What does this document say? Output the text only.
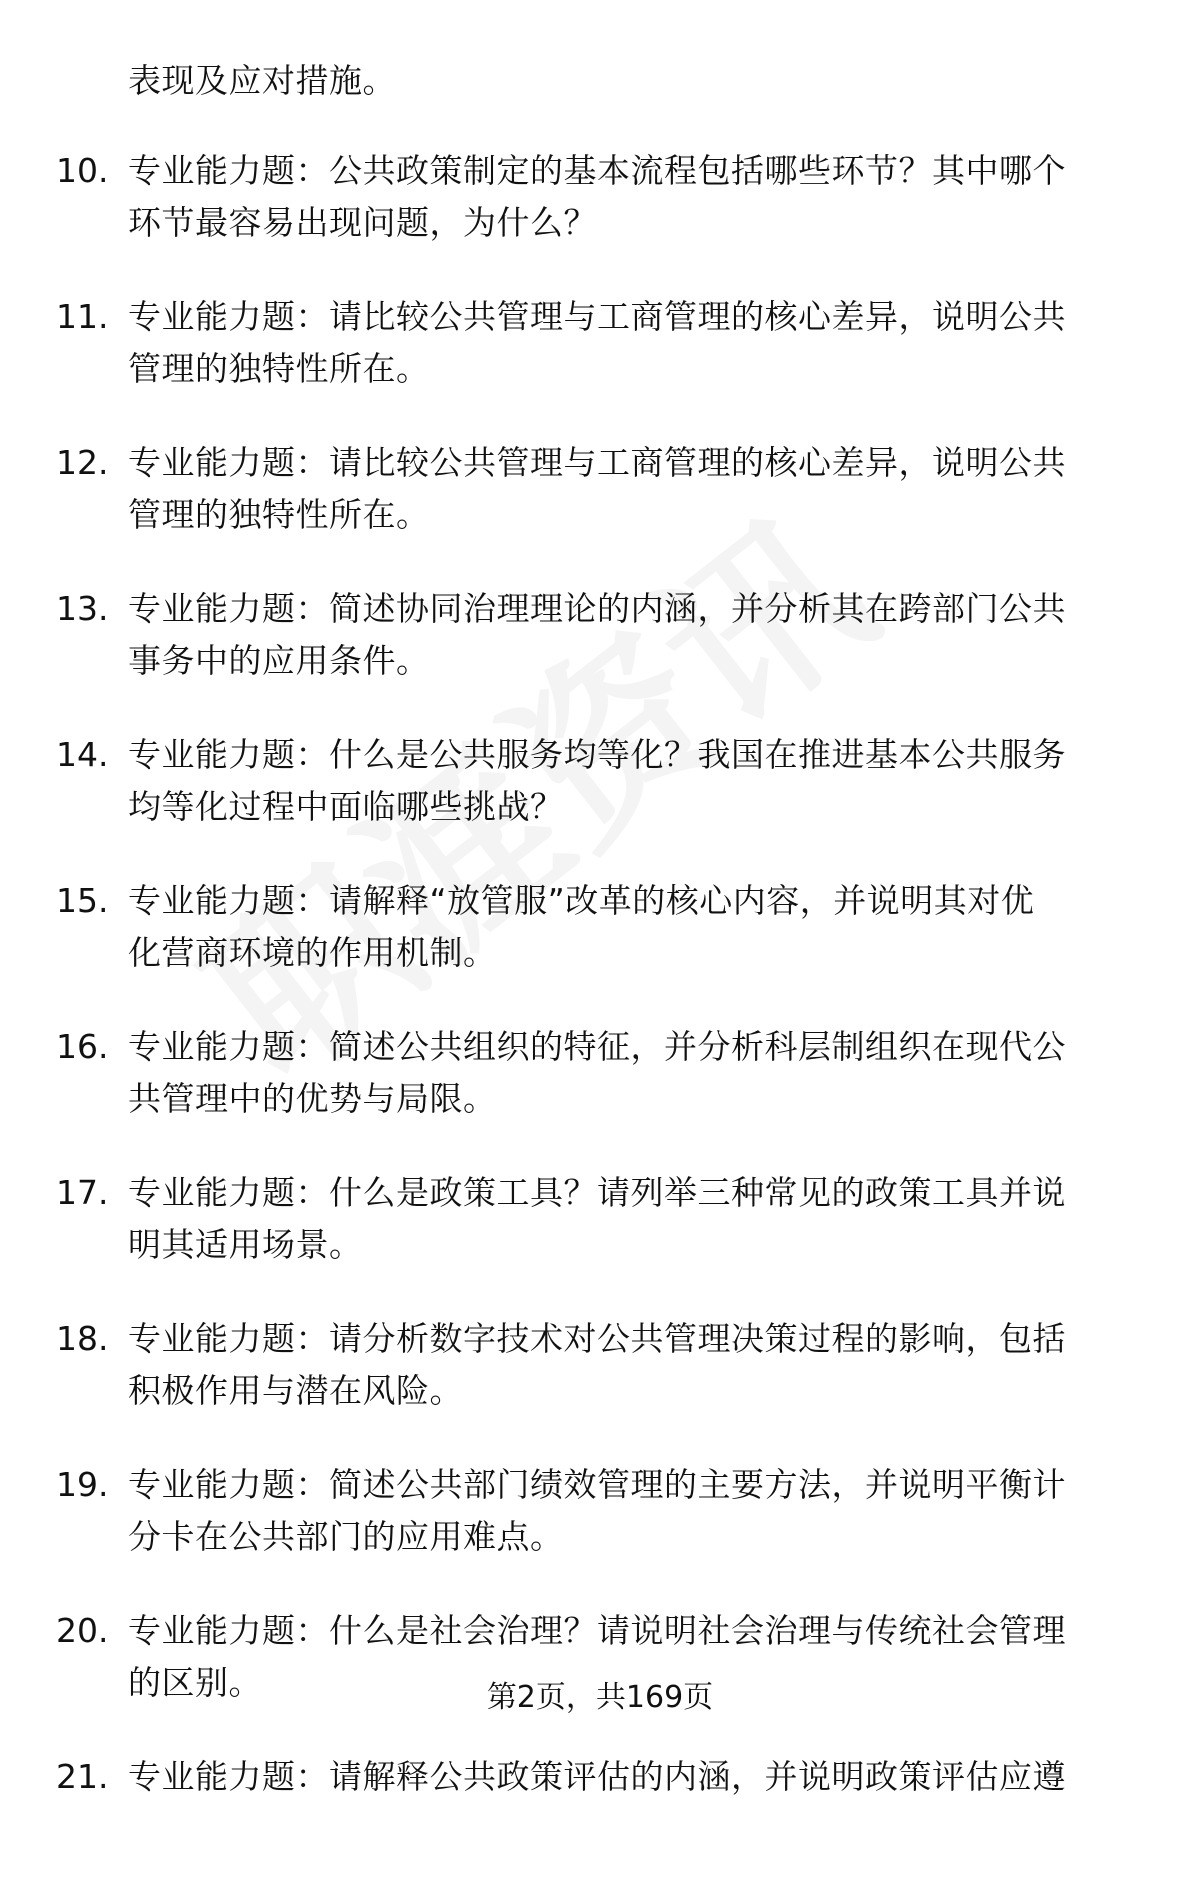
表现及应对措施。
10. 专业能力题：公共政策制定的基本流程包括哪些环节？其中哪个
环节最容易出现问题，为什么？
11. 专业能力题：请比较公共管理与工商管理的核心差异，说明公共
管理的独特性所在。
12. 专业能力题：请比较公共管理与工商管理的核心差异，说明公共
管理的独特性所在。
13. 专业能力题：简述协同治理理论的内涵，并分析其在跨部门公共
事务中的应用条件。
14. 专业能力题：什么是公共服务均等化？我国在推进基本公共服务
均等化过程中面临哪些挑战？
15. 专业能力题：请解释“放管服”改革的核心内容，并说明其对优
化营商环境的作用机制。
16. 专业能力题：简述公共组织的特征，并分析科层制组织在现代公
共管理中的优势与局限。
17. 专业能力题：什么是政策工具？请列举三种常见的政策工具并说
明其适用场景。
18. 专业能力题：请分析数字技术对公共管理决策过程的影响，包括
积极作用与潜在风险。
19. 专业能力题：简述公共部门绩效管理的主要方法，并说明平衡计
分卡在公共部门的应用难点。
20. 专业能力题：什么是社会治理？请说明社会治理与传统社会管理
的区别。
21. 专业能力题：请解释公共政策评估的内涵，并说明政策评估应遵
第2页，共169页
